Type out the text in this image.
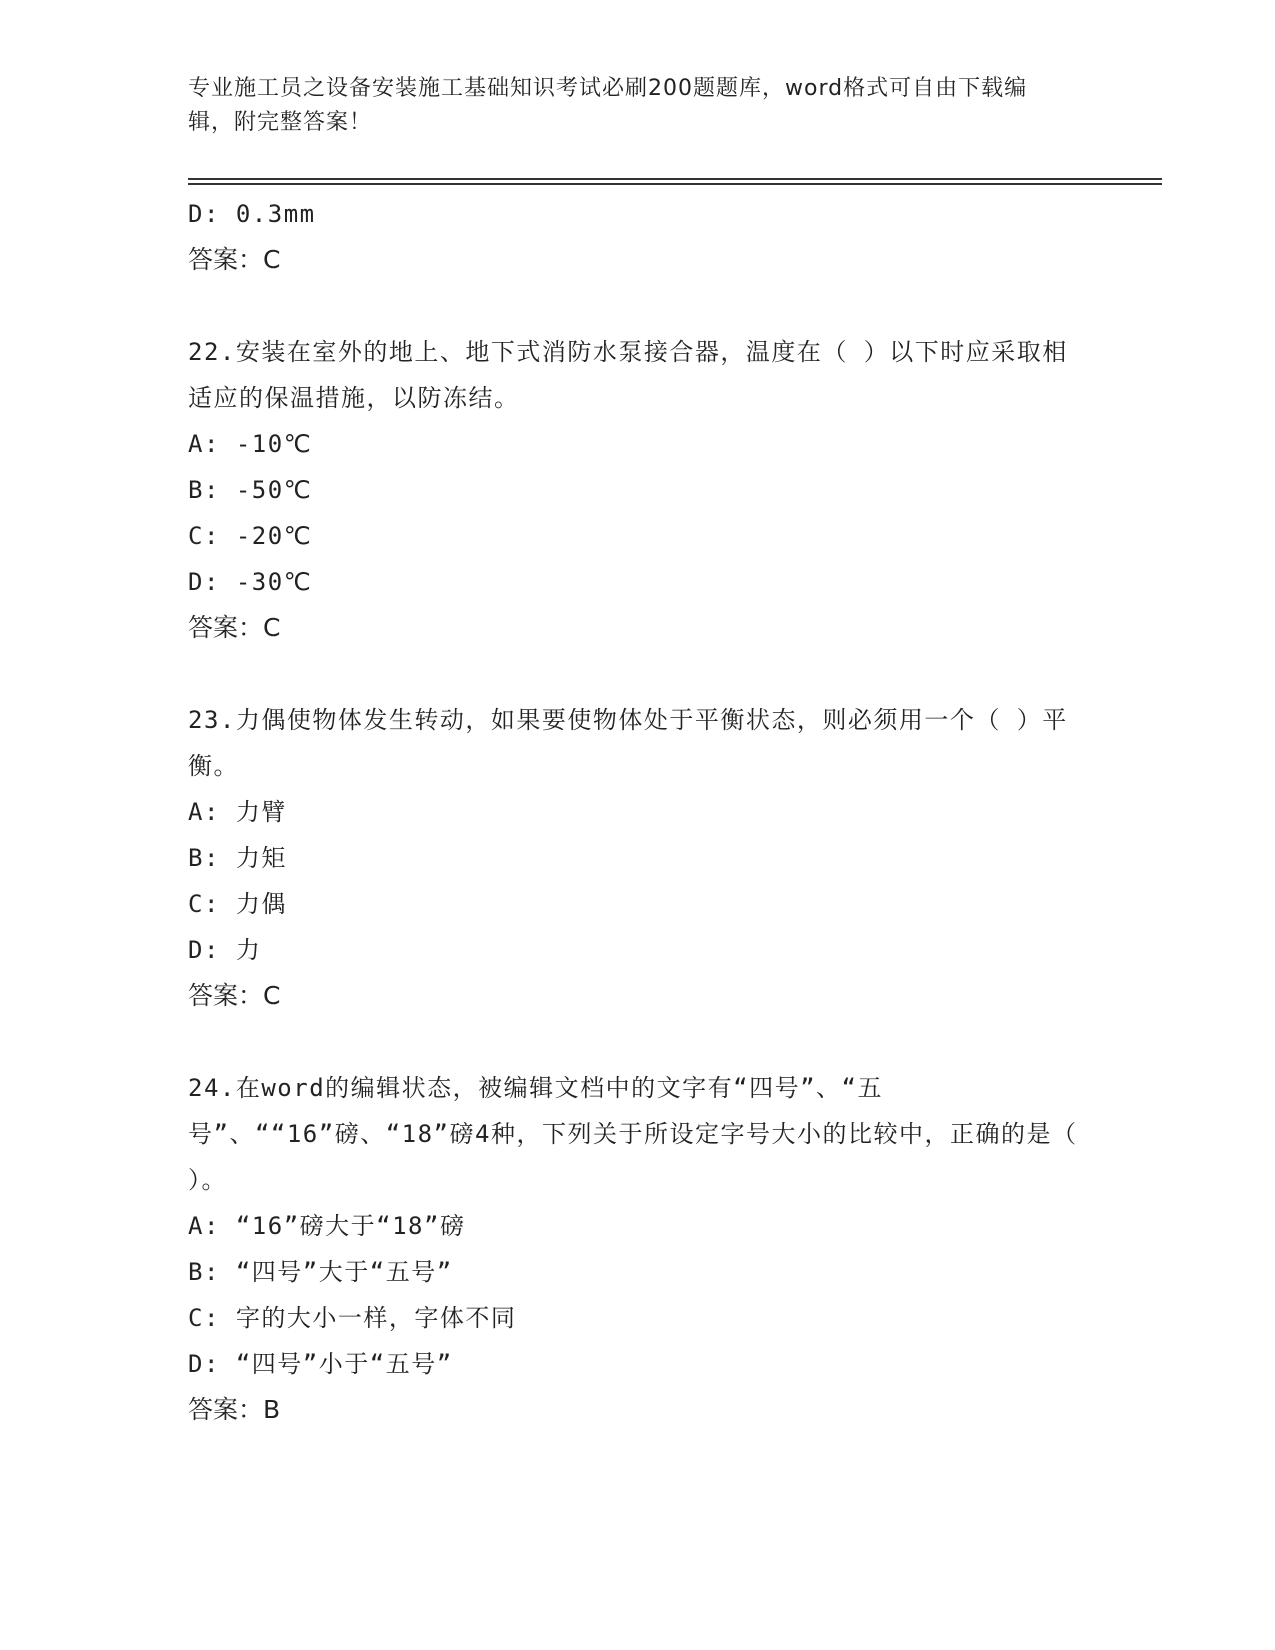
专业施工员之设备安装施工基础知识考试必刷200题题库，word格式可自由下载编辑，附完整答案！
D: 0.3mm
答案：C
22.安装在室外的地上、地下式消防水泵接合器，温度在（ ）以下时应采取相适应的保温措施，以防冻结。
A: -10℃
B: -50℃
C: -20℃
D: -30℃
答案：C
23.力偶使物体发生转动，如果要使物体处于平衡状态，则必须用一个（ ）平衡。
A: 力臂
B: 力矩
C: 力偶
D: 力
答案：C
24.在word的编辑状态，被编辑文档中的文字有“四号”、“五号”、““16”磅、“18”磅4种，下列关于所设定字号大小的比较中，正确的是（ ）。
A: “16”磅大于“18”磅
B: “四号”大于“五号”
C: 字的大小一样，字体不同
D: “四号”小于“五号”
答案：B
